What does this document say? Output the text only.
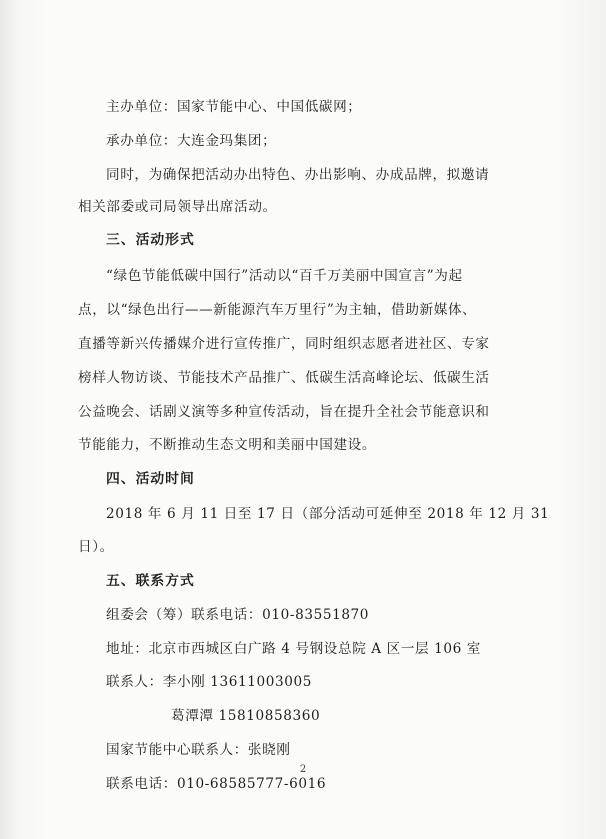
主办单位：国家节能中心、中国低碳网；
承办单位：大连金玛集团；
同时，为确保把活动办出特色、办出影响、办成品牌，拟邀请
相关部委或司局领导出席活动。
三、活动形式
“绿色节能低碳中国行”活动以“百千万美丽中国宣言”为起
点，以“绿色出行——新能源汽车万里行”为主轴，借助新媒体、
直播等新兴传播媒介进行宣传推广，同时组织志愿者进社区、专家
榜样人物访谈、节能技术产品推广、低碳生活高峰论坛、低碳生活
公益晚会、话剧义演等多种宣传活动，旨在提升全社会节能意识和
节能能力，不断推动生态文明和美丽中国建设。
四、活动时间
2018 年 6 月 11 日至 17 日（部分活动可延伸至 2018 年 12 月 31
日）。
五、联系方式
组委会（筹）联系电话：010-83551870
地址：北京市西城区白广路 4 号钢设总院 A 区一层 106 室
联系人：李小刚 13611003005
葛潭潭 15810858360
国家节能中心联系人：张晓刚
联系电话：010-68585777-6016
2
